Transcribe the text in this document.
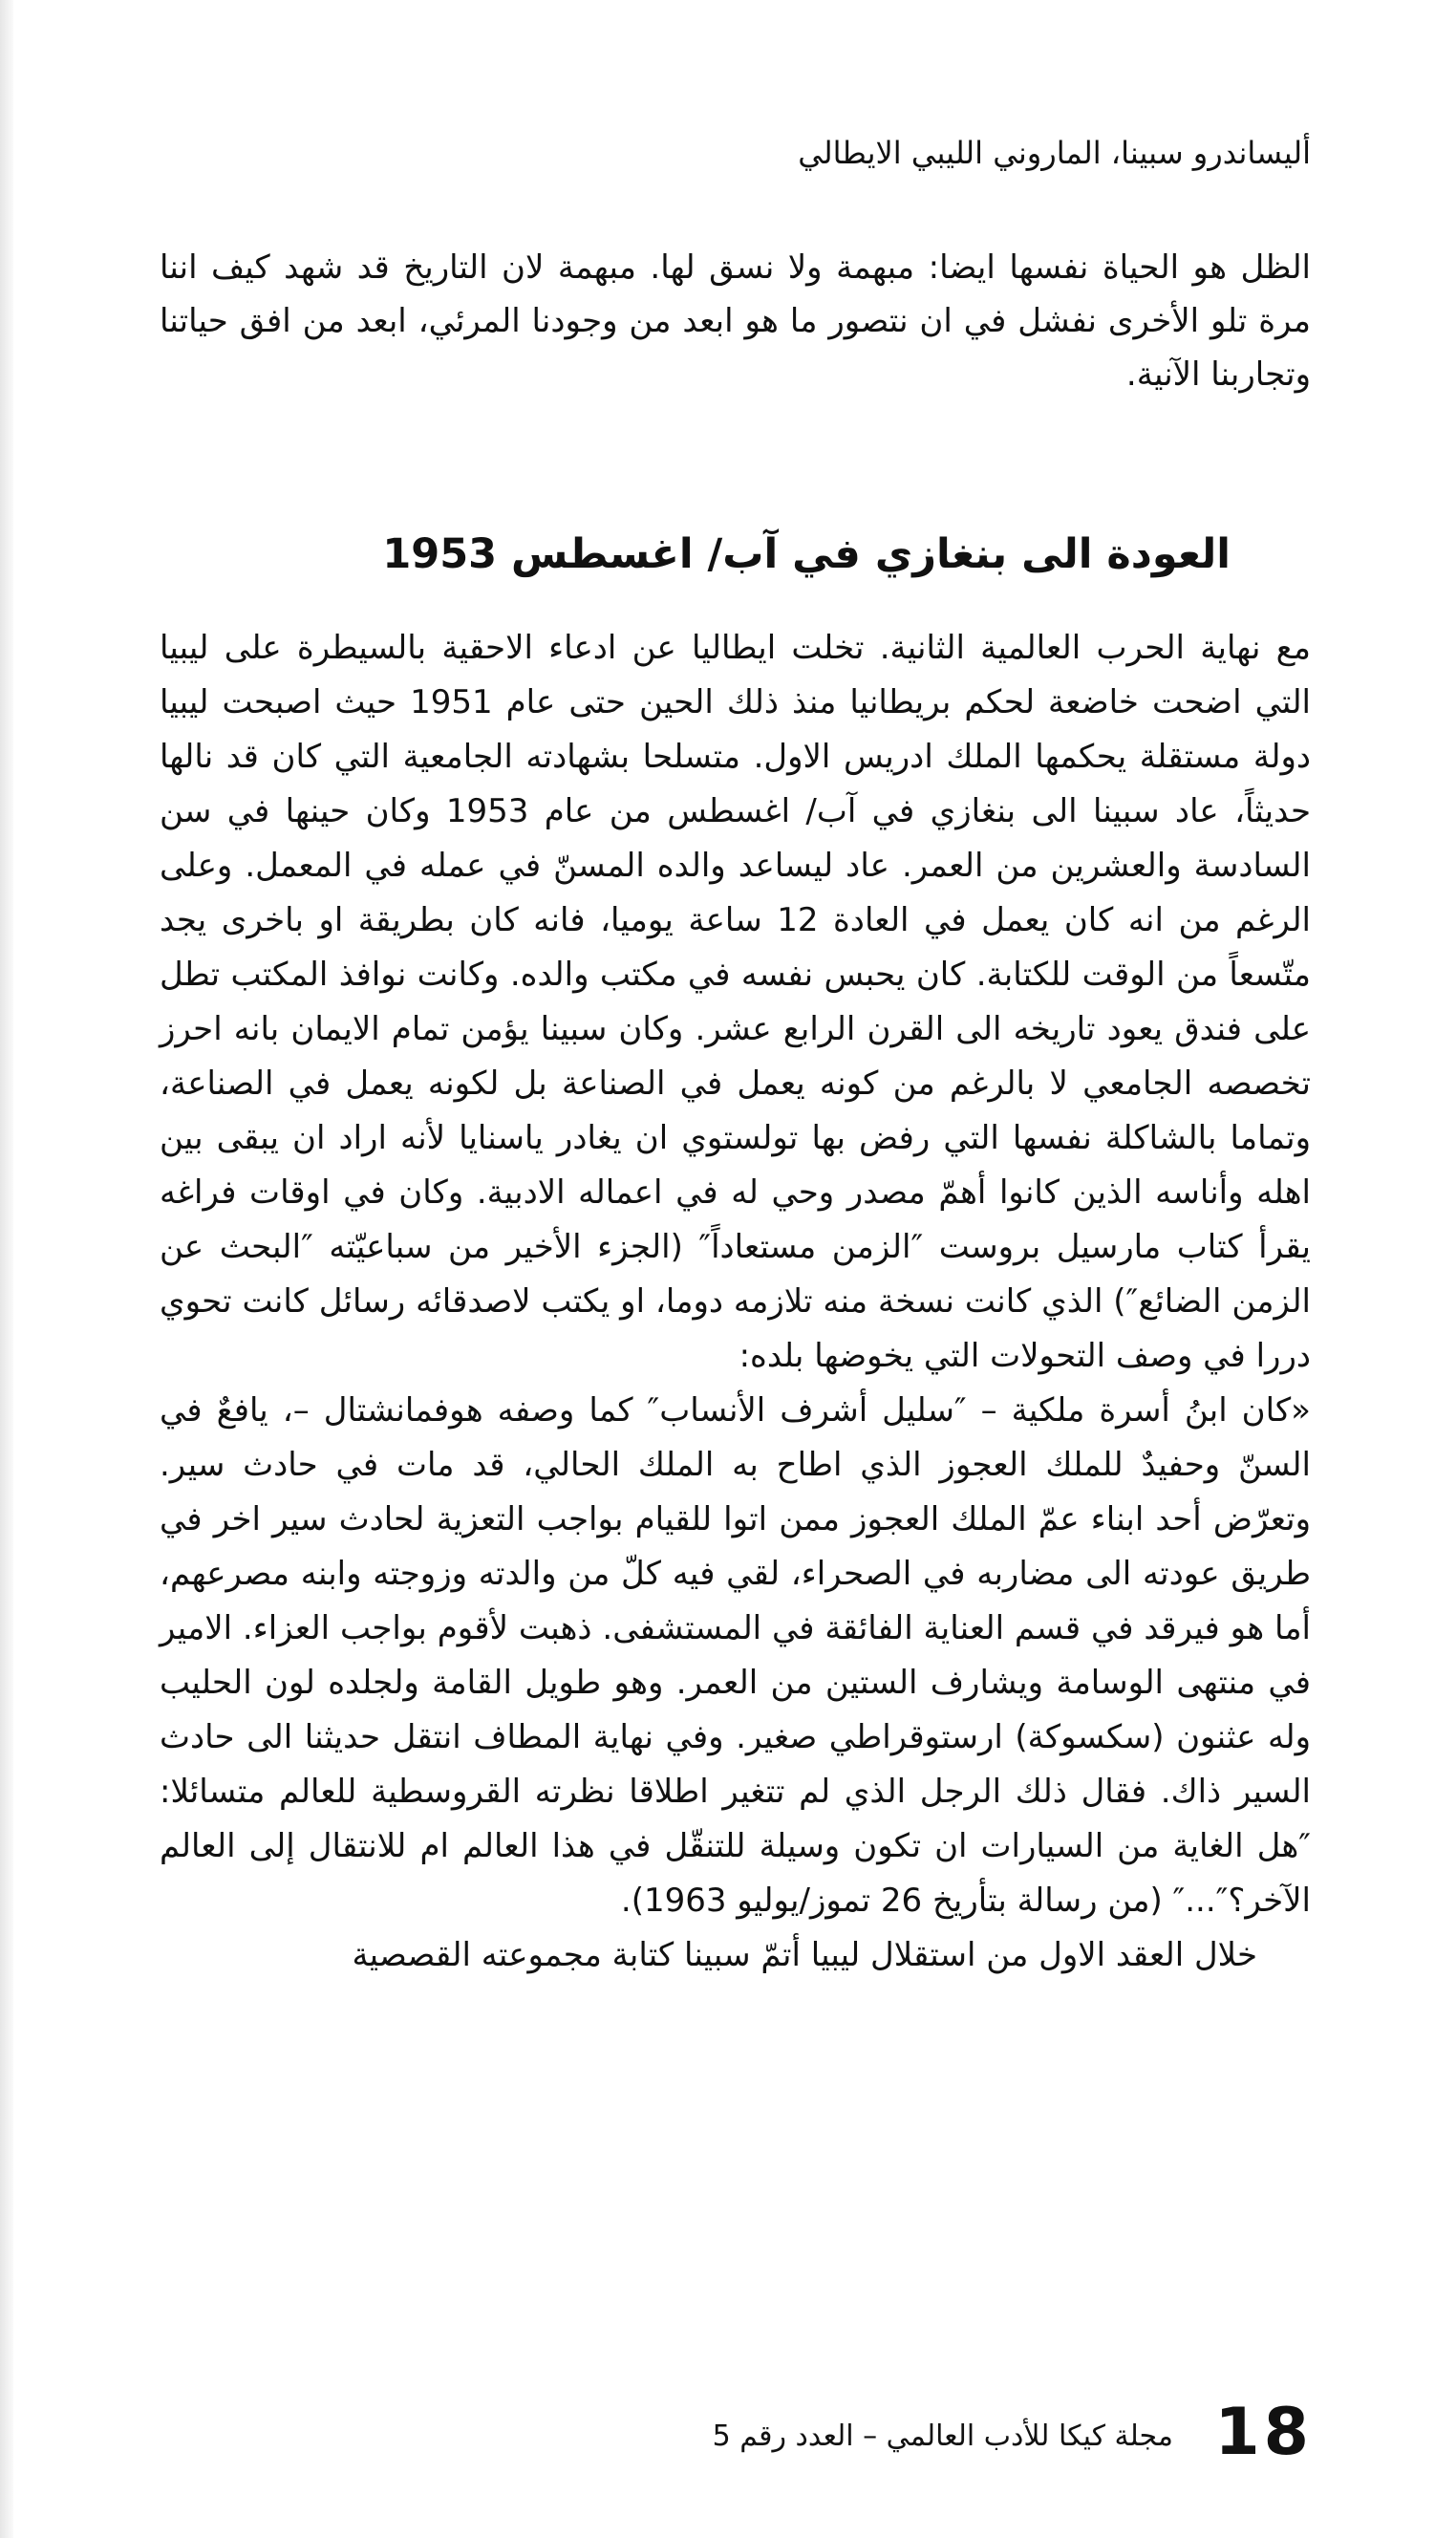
أليساندرو سبينا، الماروني الليبي الايطالي

الظل هو الحياة نفسها ايضا: مبهمة ولا نسق لها. مبهمة لان التاريخ قد شهد كيف اننا مرة تلو الأخرى نفشل في ان نتصور ما هو ابعد من وجودنا المرئي، ابعد من افق حياتنا وتجاربنا الآنية.

العودة الى بنغازي في آب/ اغسطس 1953

مع نهاية الحرب العالمية الثانية. تخلت ايطاليا عن ادعاء الاحقية بالسيطرة على ليبيا التي اضحت خاضعة لحكم بريطانيا منذ ذلك الحين حتى عام 1951 حيث اصبحت ليبيا دولة مستقلة يحكمها الملك ادريس الاول. متسلحا بشهادته الجامعية التي كان قد نالها حديثاً، عاد سبينا الى بنغازي في آب/ اغسطس من عام 1953 وكان حينها في سن السادسة والعشرين من العمر. عاد ليساعد والده المسنّ في عمله في المعمل. وعلى الرغم من انه كان يعمل في العادة 12 ساعة يوميا، فانه كان بطريقة او باخرى يجد متّسعاً من الوقت للكتابة. كان يحبس نفسه في مكتب والده. وكانت نوافذ المكتب تطل على فندق يعود تاريخه الى القرن الرابع عشر. وكان سبينا يؤمن تمام الايمان بانه احرز تخصصه الجامعي لا بالرغم من كونه يعمل في الصناعة بل لكونه يعمل في الصناعة، وتماما بالشاكلة نفسها التي رفض بها تولستوي ان يغادر ياسنايا لأنه اراد ان يبقى بين اهله وأناسه الذين كانوا أهمّ مصدر وحي له في اعماله الادبية. وكان في اوقات فراغه يقرأ كتاب مارسيل بروست ″الزمن مستعاداً″ (الجزء الأخير من سباعيّته ″البحث عن الزمن الضائع″) الذي كانت نسخة منه تلازمه دوما، او يكتب لاصدقائه رسائل كانت تحوي دررا في وصف التحولات التي يخوضها بلده:

«كان ابنُ أسرة ملكية – ″سليل أشرف الأنساب″ كما وصفه هوفمانشتال –، يافعٌ في السنّ وحفيدٌ للملك العجوز الذي اطاح به الملك الحالي، قد مات في حادث سير. وتعرّض أحد ابناء عمّ الملك العجوز ممن اتوا للقيام بواجب التعزية لحادث سير اخر في طريق عودته الى مضاربه في الصحراء، لقي فيه كلّ من والدته وزوجته وابنه مصرعهم، أما هو فيرقد في قسم العناية الفائقة في المستشفى. ذهبت لأقوم بواجب العزاء. الامير في منتهى الوسامة ويشارف الستين من العمر. وهو طويل القامة ولجلده لون الحليب وله عثنون (سكسوكة) ارستوقراطي صغير. وفي نهاية المطاف انتقل حديثنا الى حادث السير ذاك. فقال ذلك الرجل الذي لم تتغير اطلاقا نظرته القروسطية للعالم متسائلا: ″هل الغاية من السيارات ان تكون وسيلة للتنقّل في هذا العالم ام للانتقال إلى العالم الآخر؟″...″ (من رسالة بتأريخ 26 تموز/يوليو 1963).

خلال العقد الاول من استقلال ليبيا أتمّ سبينا كتابة مجموعته القصصية

مجلة كيكا للأدب العالمي – العدد رقم 5 18
